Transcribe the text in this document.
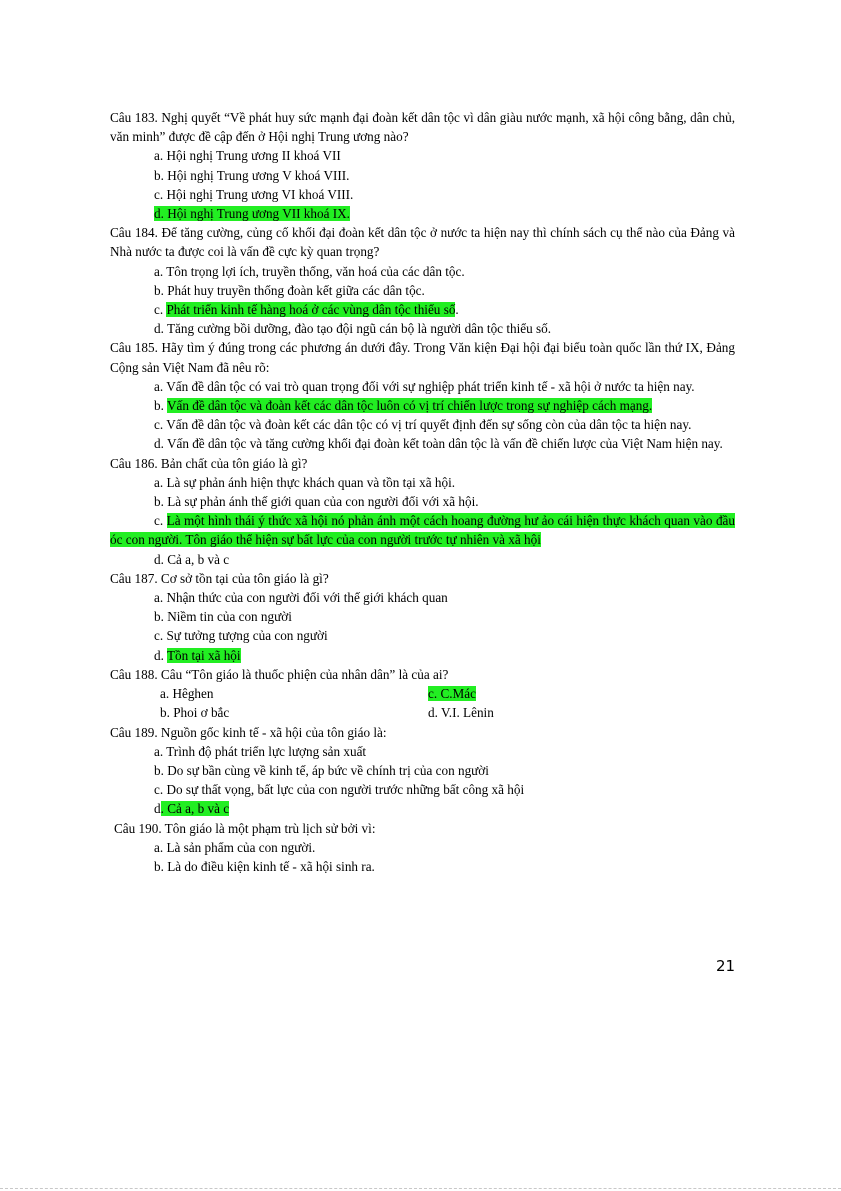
Câu 183. Nghị quyết “Về phát huy sức mạnh đại đoàn kết dân tộc vì dân giàu nước mạnh, xã hội công bằng, dân chủ, văn minh” được đề cập đến ở Hội nghị Trung ương nào?

a. Hội nghị Trung ương II khoá VII

b. Hội nghị Trung ương V khoá VIII.

c. Hội nghị Trung ương VI khoá VIII.

d. Hội nghị Trung ương VII khoá IX.

Câu 184. Để tăng cường, củng cố khối đại đoàn kết dân tộc ở nước ta hiện nay thì chính sách cụ thể nào của Đảng và Nhà nước ta được coi là vấn đề cực kỳ quan trọng?

a. Tôn trọng lợi ích, truyền thống, văn hoá của các dân tộc.

b. Phát huy truyền thống đoàn kết giữa các dân tộc.

c. Phát triển kinh tế hàng hoá ở các vùng dân tộc thiểu số.

d. Tăng cường bồi dưỡng, đào tạo đội ngũ cán bộ là người dân tộc thiểu số.

Câu 185. Hãy tìm ý đúng trong các phương án dưới đây. Trong Văn kiện Đại hội đại biểu toàn quốc lần thứ IX, Đảng Cộng sản Việt Nam đã nêu rõ:

a. Vấn đề dân tộc có vai trò quan trọng đối với sự nghiệp phát triển kinh tế - xã hội ở nước ta hiện nay.

b. Vấn đề dân tộc và đoàn kết các dân tộc luôn có vị trí chiến lược trong sự nghiệp cách mạng.

c. Vấn đề dân tộc và đoàn kết các dân tộc có vị trí quyết định đến sự sống còn của dân tộc ta hiện nay.

d. Vấn đề dân tộc và tăng cường khối đại đoàn kết toàn dân tộc là vấn đề chiến lược của Việt Nam hiện nay.

Câu 186. Bản chất của tôn giáo là gì?

a. Là sự phản ánh hiện thực khách quan và tồn tại xã hội.

b. Là sự phản ánh thế giới quan của con người đối với xã hội.

c. Là một hình thái ý thức xã hội nó phản ánh một cách hoang đường hư ảo cái hiện thực khách quan vào đầu óc con người. Tôn giáo thể hiện sự bất lực của con người trước tự nhiên và xã hội

d. Cả a, b và c

Câu 187. Cơ sở tồn tại của tôn giáo là gì?

a. Nhận thức của con người đối với thế giới khách quan

b. Niềm tin của con người

c. Sự tưởng tượng của con người

d. Tồn tại xã hội

Câu 188. Câu “Tôn giáo là thuốc phiện của nhân dân” là của ai?

a. Hêghen	c. C.Mác
b. Phoi ơ bắc	d. V.I. Lênin

Câu 189. Nguồn gốc kinh tế - xã hội của tôn giáo là:

a. Trình độ phát triển lực lượng sản xuất

b. Do sự bần cùng về kinh tế, áp bức về chính trị của con người

c. Do sự thất vọng, bất lực của con người trước những bất công xã hội

d. Cả a, b và c

Câu 190. Tôn giáo là một phạm trù lịch sử bởi vì:

a. Là sản phẩm của con người.

b. Là do điều kiện kinh tế - xã hội sinh ra.

21
